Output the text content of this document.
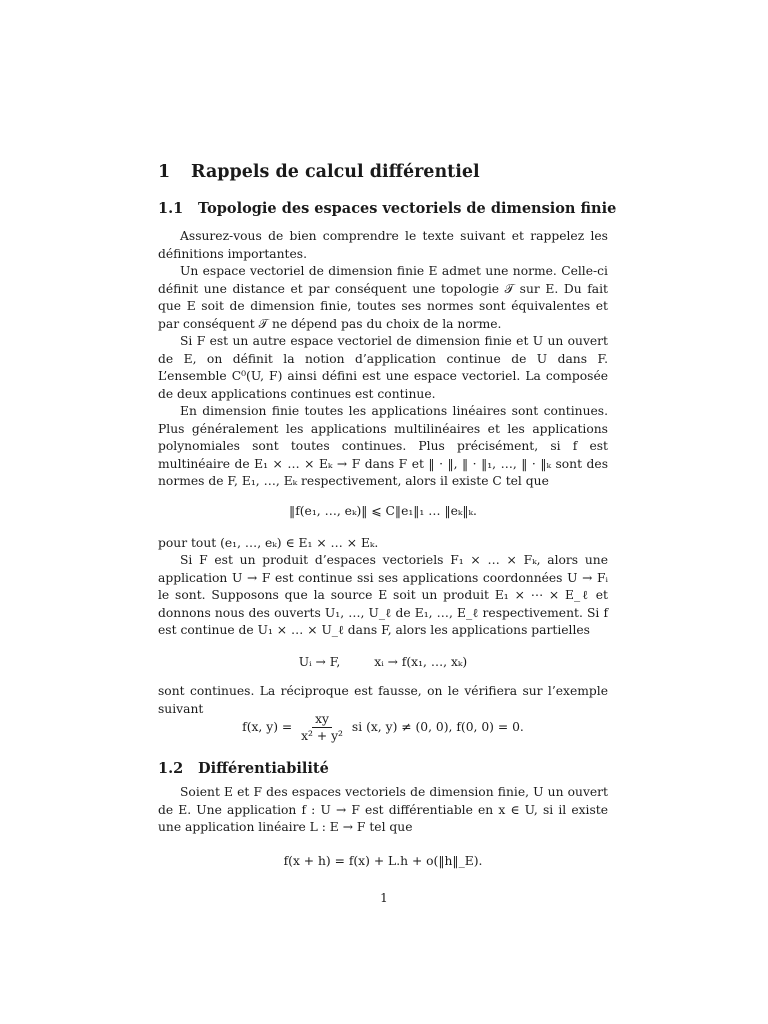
1 Rappels de calcul différentiel
1.1 Topologie des espaces vectoriels de dimension finie

Assurez-vous de bien comprendre le texte suivant et rappelez les définitions importantes.

Un espace vectoriel de dimension finie E admet une norme. Celle-ci définit une distance et par conséquent une topologie 𝒯 sur E. Du fait que E soit de dimension finie, toutes ses normes sont équivalentes et par conséquent 𝒯 ne dépend pas du choix de la norme.

Si F est un autre espace vectoriel de dimension finie et U un ouvert de E, on définit la notion d’application continue de U dans F. L’ensemble C⁰(U, F) ainsi défini est une espace vectoriel. La composée de deux applications continues est continue.

En dimension finie toutes les applications linéaires sont continues. Plus généralement les applications multilinéaires et les applications polynomiales sont toutes continues. Plus précisément, si f est multinéaire de E₁ × … × Eₖ → F dans F et ‖ · ‖, ‖ · ‖₁, …, ‖ · ‖ₖ sont des normes de F, E₁, …, Eₖ respectivement, alors il existe C tel que

‖f(e₁, …, eₖ)‖ ⩽ C‖e₁‖₁ … ‖eₖ‖ₖ.

pour tout (e₁, …, eₖ) ∈ E₁ × … × Eₖ.

Si F est un produit d’espaces vectoriels F₁ × … × Fₖ, alors une application U → F est continue ssi ses applications coordonnées U → Fᵢ le sont. Supposons que la source E soit un produit E₁ × ⋯ × E_ℓ et donnons nous des ouverts U₁, …, U_ℓ de E₁, …, E_ℓ respectivement. Si f est continue de U₁ × … × U_ℓ dans F, alors les applications partielles

Uᵢ → F,	xᵢ → f(x₁, …, xₖ)

sont continues. La réciproque est fausse, on le vérifiera sur l’exemple suivant

f(x, $y) = \frac{xy}{\text{x² + y²}}$ si (x, y) ≠ (0, 0), f(0, 0) = 0.
1.2 Différentiabilité

Soient E et F des espaces vectoriels de dimension finie, U un ouvert de E. Une application f : U → F est différentiable en x ∈ U, si il existe une application linéaire L : E → F tel que

f(x + h) = f(x) + L.h + o(‖h‖_E).

1
